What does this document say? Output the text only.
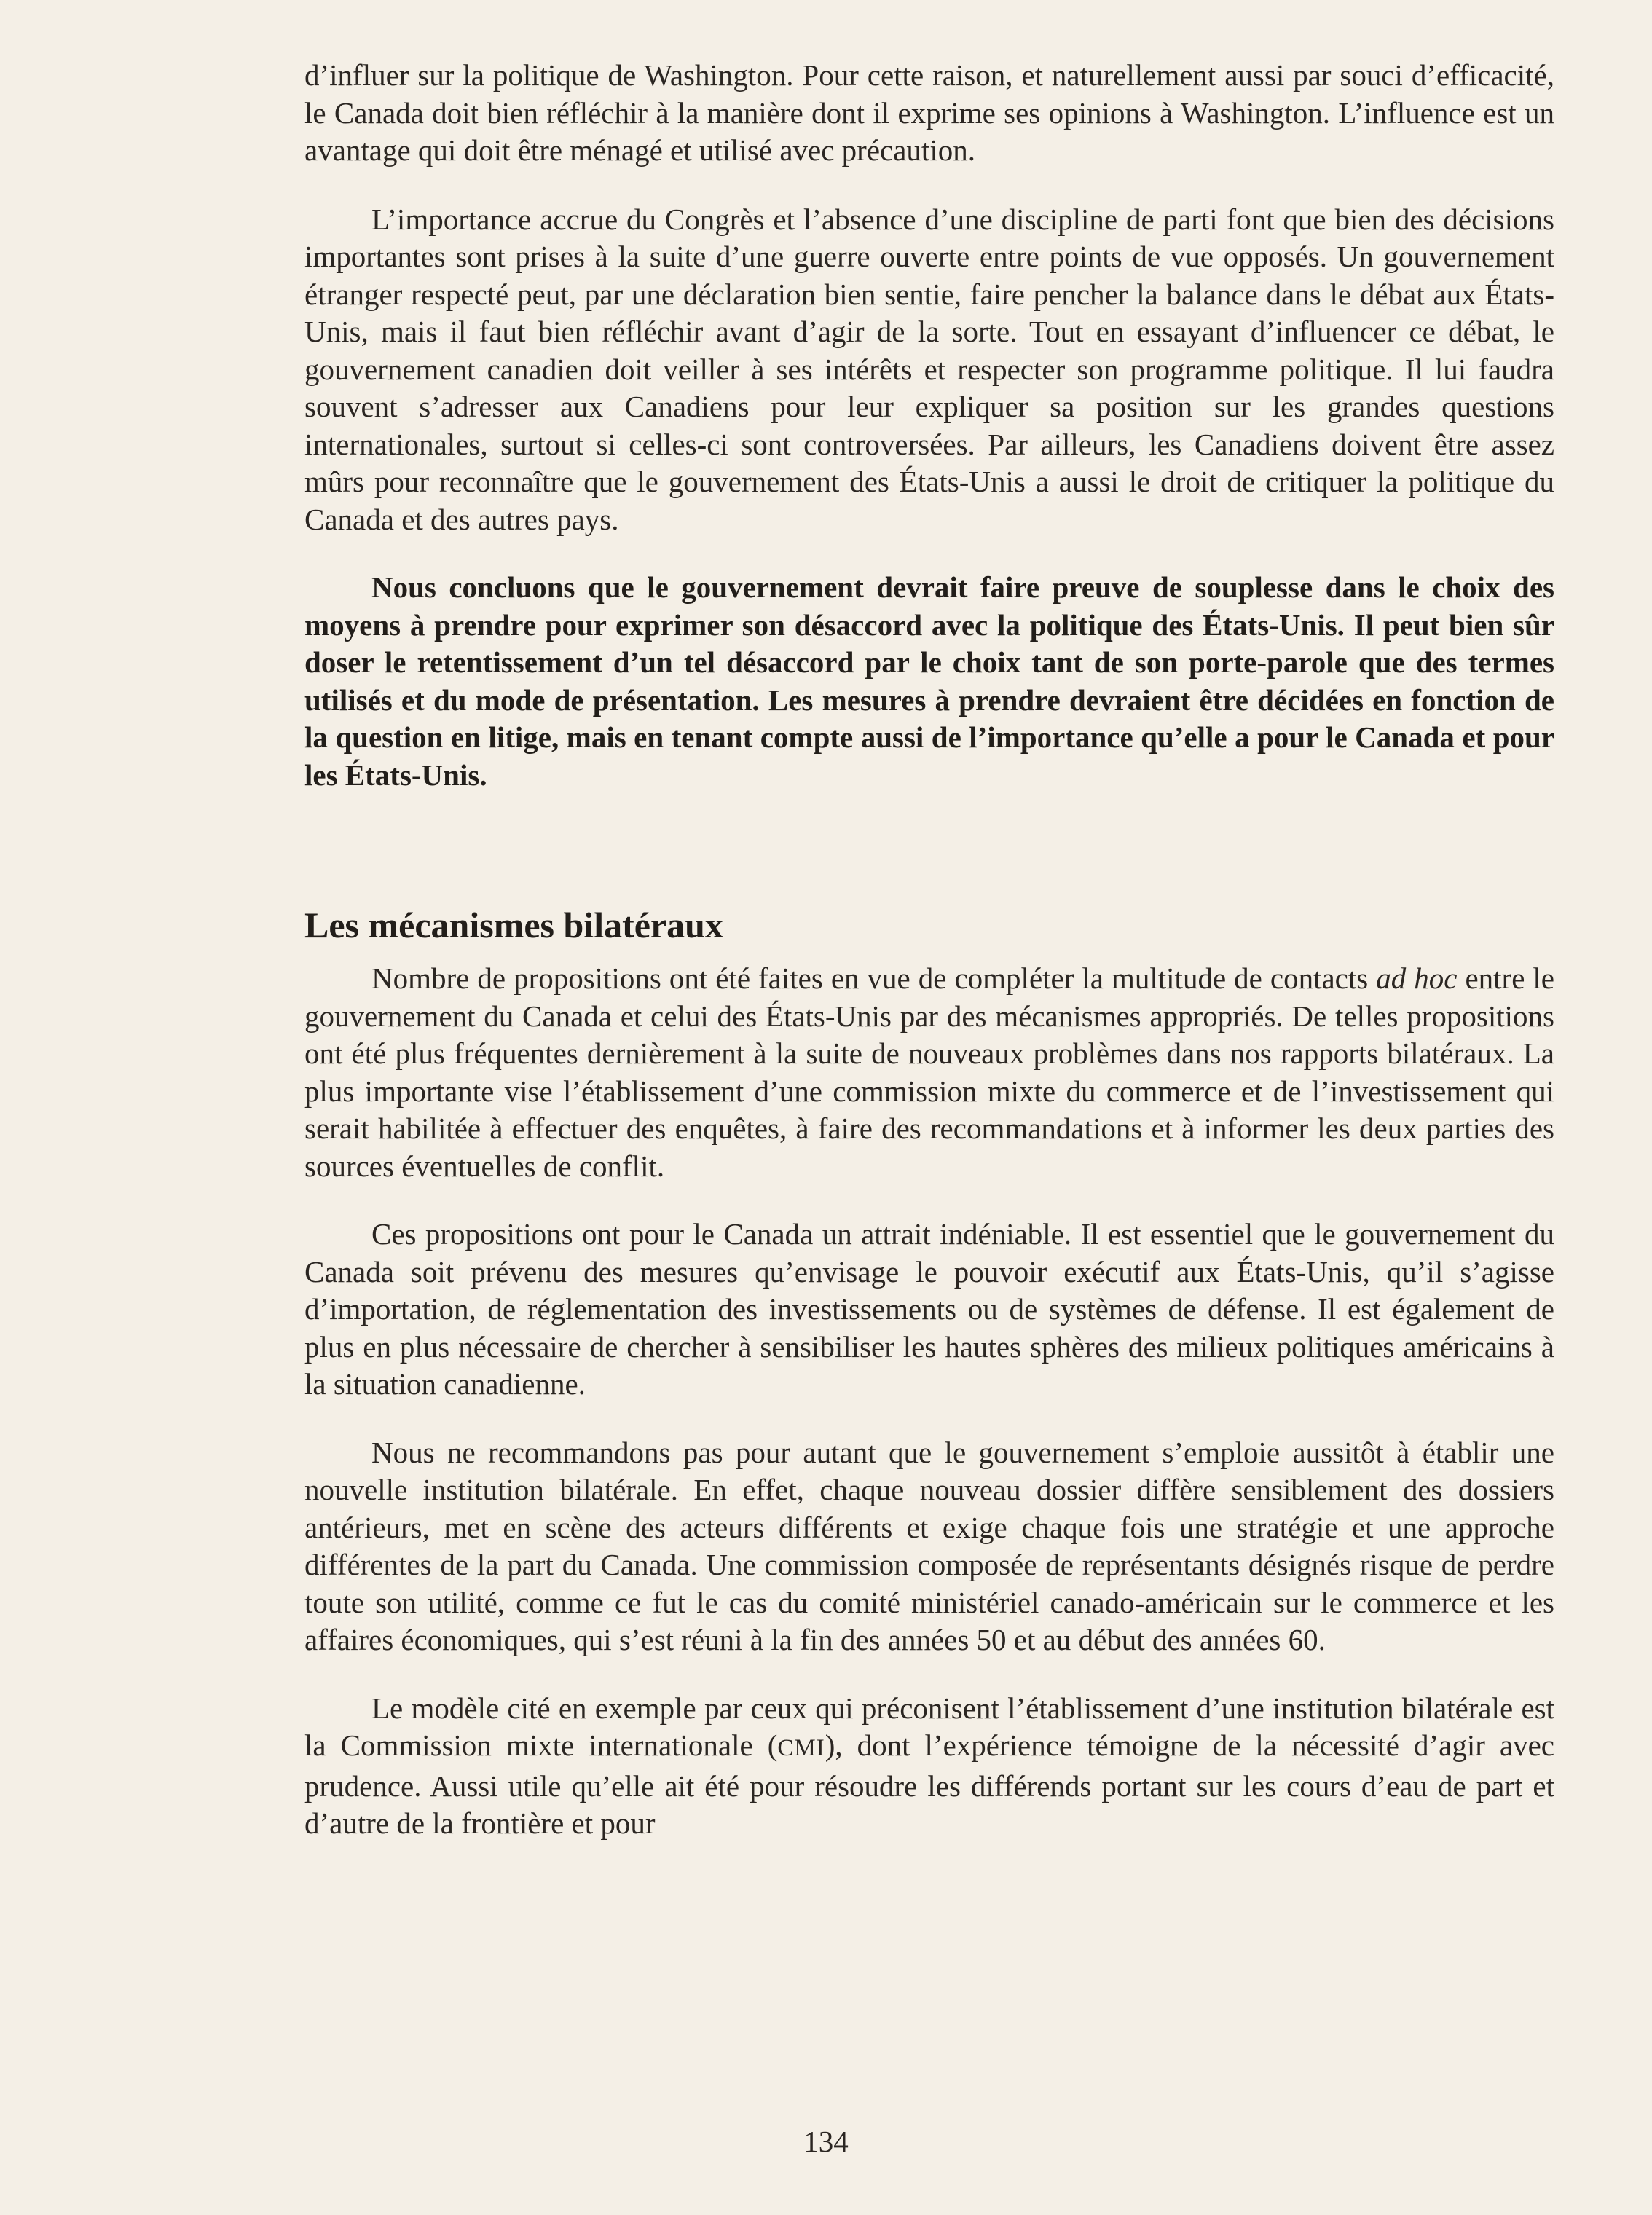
d’influer sur la politique de Washington. Pour cette raison, et naturellement aussi par souci d’efficacité, le Canada doit bien réfléchir à la manière dont il exprime ses opinions à Washington. L’influence est un avantage qui doit être ménagé et utilisé avec précaution.

L’importance accrue du Congrès et l’absence d’une discipline de parti font que bien des décisions importantes sont prises à la suite d’une guerre ouverte entre points de vue opposés. Un gouvernement étranger respecté peut, par une déclaration bien sentie, faire pencher la balance dans le débat aux États-Unis, mais il faut bien réfléchir avant d’agir de la sorte. Tout en essayant d’influencer ce débat, le gouvernement canadien doit veiller à ses intérêts et respecter son programme politique. Il lui faudra souvent s’adresser aux Canadiens pour leur expliquer sa position sur les grandes questions internationales, surtout si celles-ci sont controversées. Par ailleurs, les Canadiens doivent être assez mûrs pour reconnaître que le gouvernement des États-Unis a aussi le droit de critiquer la politique du Canada et des autres pays.

Nous concluons que le gouvernement devrait faire preuve de souplesse dans le choix des moyens à prendre pour exprimer son désaccord avec la politique des États-Unis. Il peut bien sûr doser le retentissement d’un tel désaccord par le choix tant de son porte-parole que des termes utilisés et du mode de présentation. Les mesures à prendre devraient être décidées en fonction de la question en litige, mais en tenant compte aussi de l’importance qu’elle a pour le Canada et pour les États-Unis.

Les mécanismes bilatéraux

Nombre de propositions ont été faites en vue de compléter la multitude de contacts ad hoc entre le gouvernement du Canada et celui des États-Unis par des mécanismes appropriés. De telles propositions ont été plus fréquentes dernièrement à la suite de nouveaux problèmes dans nos rapports bilatéraux. La plus importante vise l’établissement d’une commission mixte du commerce et de l’investissement qui serait habilitée à effectuer des enquêtes, à faire des recommandations et à informer les deux parties des sources éventuelles de conflit.

Ces propositions ont pour le Canada un attrait indéniable. Il est essentiel que le gouvernement du Canada soit prévenu des mesures qu’envisage le pouvoir exécutif aux États-Unis, qu’il s’agisse d’importation, de réglementation des investissements ou de systèmes de défense. Il est également de plus en plus nécessaire de chercher à sensibiliser les hautes sphères des milieux politiques américains à la situation canadienne.

Nous ne recommandons pas pour autant que le gouvernement s’emploie aussitôt à établir une nouvelle institution bilatérale. En effet, chaque nouveau dossier diffère sensiblement des dossiers antérieurs, met en scène des acteurs différents et exige chaque fois une stratégie et une approche différentes de la part du Canada. Une commission composée de représentants désignés risque de perdre toute son utilité, comme ce fut le cas du comité ministériel canado-américain sur le commerce et les affaires économiques, qui s’est réuni à la fin des années 50 et au début des années 60.

Le modèle cité en exemple par ceux qui préconisent l’établissement d’une institution bilatérale est la Commission mixte internationale (CMI), dont l’expérience témoigne de la nécessité d’agir avec prudence. Aussi utile qu’elle ait été pour résoudre les différends portant sur les cours d’eau de part et d’autre de la frontière et pour

134
